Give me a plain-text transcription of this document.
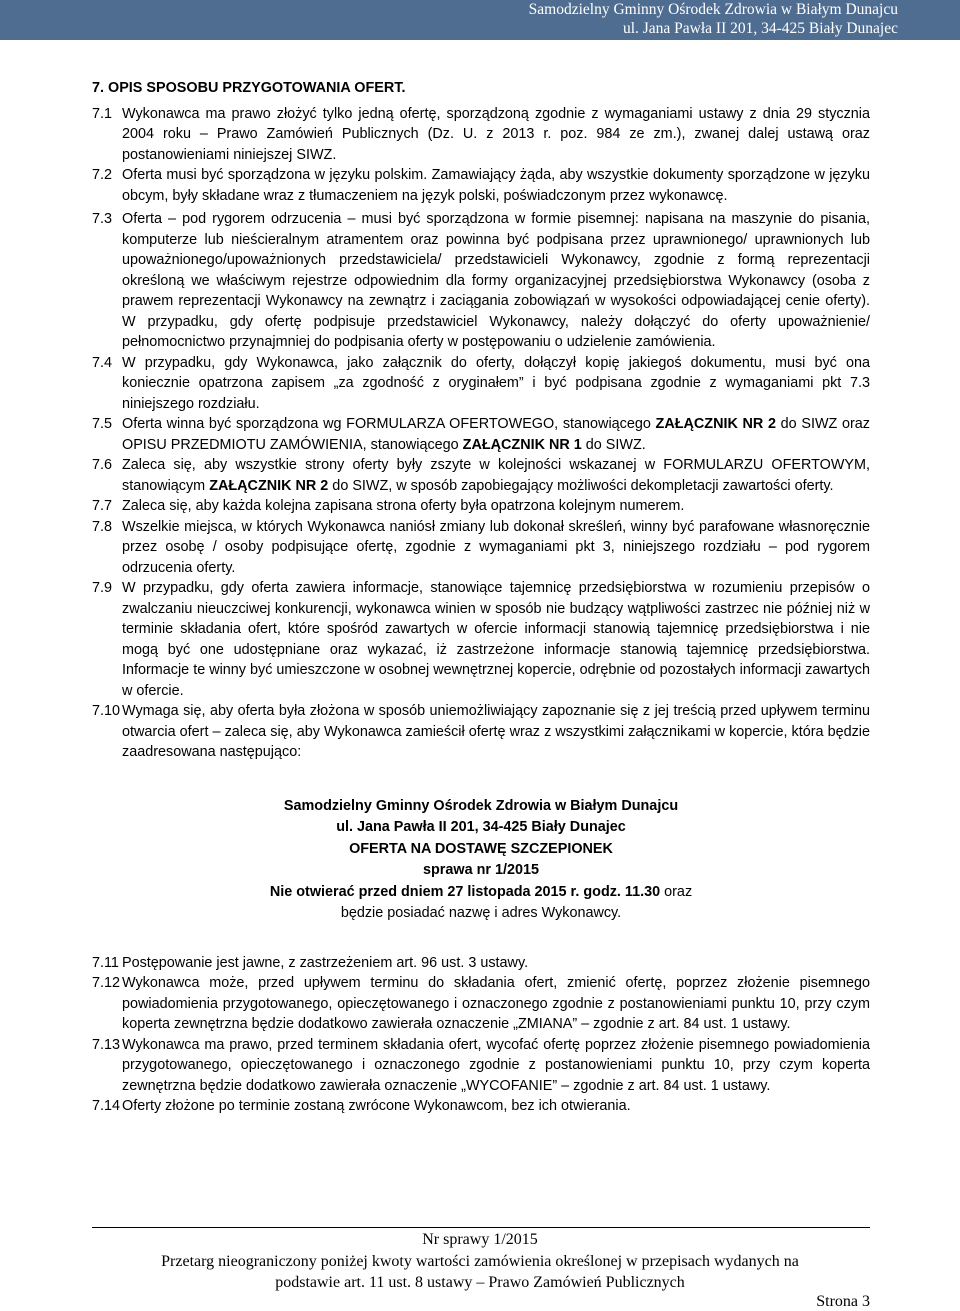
Samodzielny Gminny Ośrodek Zdrowia w Białym Dunajcu
ul. Jana Pawła II 201, 34-425 Biały Dunajec
7. OPIS SPOSOBU PRZYGOTOWANIA OFERT.

7.1 Wykonawca ma prawo złożyć tylko jedną ofertę, sporządzoną zgodnie z wymaganiami ustawy z dnia 29 stycznia 2004 roku – Prawo Zamówień Publicznych (Dz. U. z 2013 r. poz. 984 ze zm.), zwanej dalej ustawą oraz postanowieniami niniejszej SIWZ.

7.2 Oferta musi być sporządzona w języku polskim. Zamawiający żąda, aby wszystkie dokumenty sporządzone w języku obcym, były składane wraz z tłumaczeniem na język polski, poświadczonym przez wykonawcę.

7.3 Oferta – pod rygorem odrzucenia – musi być sporządzona w formie pisemnej: napisana na maszynie do pisania, komputerze lub nieścieralnym atramentem oraz powinna być podpisana przez uprawnionego/ uprawnionych lub upoważnionego/upoważnionych przedstawiciela/ przedstawicieli Wykonawcy, zgodnie z formą reprezentacji określoną we właściwym rejestrze odpowiednim dla formy organizacyjnej przedsiębiorstwa Wykonawcy (osoba z prawem reprezentacji Wykonawcy na zewnątrz i zaciągania zobowiązań w wysokości odpowiadającej cenie oferty). W przypadku, gdy ofertę podpisuje przedstawiciel Wykonawcy, należy dołączyć do oferty upoważnienie/ pełnomocnictwo przynajmniej do podpisania oferty w postępowaniu o udzielenie zamówienia.

7.4 W przypadku, gdy Wykonawca, jako załącznik do oferty, dołączył kopię jakiegoś dokumentu, musi być ona koniecznie opatrzona zapisem „za zgodność z oryginałem” i być podpisana zgodnie z wymaganiami pkt 7.3 niniejszego rozdziału.

7.5 Oferta winna być sporządzona wg FORMULARZA OFERTOWEGO, stanowiącego ZAŁĄCZNIK NR 2 do SIWZ oraz OPISU PRZEDMIOTU ZAMÓWIENIA, stanowiącego ZAŁĄCZNIK NR 1 do SIWZ.

7.6 Zaleca się, aby wszystkie strony oferty były zszyte w kolejności wskazanej w FORMULARZU OFERTOWYM, stanowiącym ZAŁĄCZNIK NR 2 do SIWZ, w sposób zapobiegający możliwości dekompletacji zawartości oferty.

7.7 Zaleca się, aby każda kolejna zapisana strona oferty była opatrzona kolejnym numerem.

7.8 Wszelkie miejsca, w których Wykonawca naniósł zmiany lub dokonał skreśleń, winny być parafowane własnoręcznie przez osobę / osoby podpisujące ofertę, zgodnie z wymaganiami pkt 3, niniejszego rozdziału – pod rygorem odrzucenia oferty.

7.9 W przypadku, gdy oferta zawiera informacje, stanowiące tajemnicę przedsiębiorstwa w rozumieniu przepisów o zwalczaniu nieuczciwej konkurencji, wykonawca winien w sposób nie budzący wątpliwości zastrzec nie później niż w terminie składania ofert, które spośród zawartych w ofercie informacji stanowią tajemnicę przedsiębiorstwa i nie mogą być one udostępniane oraz wykazać, iż zastrzeżone informacje stanowią tajemnicę przedsiębiorstwa. Informacje te winny być umieszczone w osobnej wewnętrznej kopercie, odrębnie od pozostałych informacji zawartych w ofercie.

7.10 Wymaga się, aby oferta była złożona w sposób uniemożliwiający zapoznanie się z jej treścią przed upływem terminu otwarcia ofert – zaleca się, aby Wykonawca zamieścił ofertę wraz z wszystkimi załącznikami w kopercie, która będzie zaadresowana następująco:

Samodzielny Gminny Ośrodek Zdrowia w Białym Dunajcu
ul. Jana Pawła II 201, 34-425 Biały Dunajec
OFERTA NA DOSTAWĘ SZCZEPIONEK
sprawa nr 1/2015
Nie otwierać przed dniem 27 listopada 2015 r. godz. 11.30 oraz
będzie posiadać nazwę i adres Wykonawcy.

7.11 Postępowanie jest jawne, z zastrzeżeniem art. 96 ust. 3 ustawy.

7.12 Wykonawca może, przed upływem terminu do składania ofert, zmienić ofertę, poprzez złożenie pisemnego powiadomienia przygotowanego, opieczętowanego i oznaczonego zgodnie z postanowieniami punktu 10, przy czym koperta zewnętrzna będzie dodatkowo zawierała oznaczenie „ZMIANA” – zgodnie z art. 84 ust. 1 ustawy.

7.13 Wykonawca ma prawo, przed terminem składania ofert, wycofać ofertę poprzez złożenie pisemnego powiadomienia przygotowanego, opieczętowanego i oznaczonego zgodnie z postanowieniami punktu 10, przy czym koperta zewnętrzna będzie dodatkowo zawierała oznaczenie „WYCOFANIE” – zgodnie z art. 84 ust. 1 ustawy.

7.14 Oferty złożone po terminie zostaną zwrócone Wykonawcom, bez ich otwierania.

Nr sprawy 1/2015
Przetarg nieograniczony poniżej kwoty wartości zamówienia określonej w przepisach wydanych na
podstawie art. 11 ust. 8 ustawy – Prawo Zamówień Publicznych
Strona 3
